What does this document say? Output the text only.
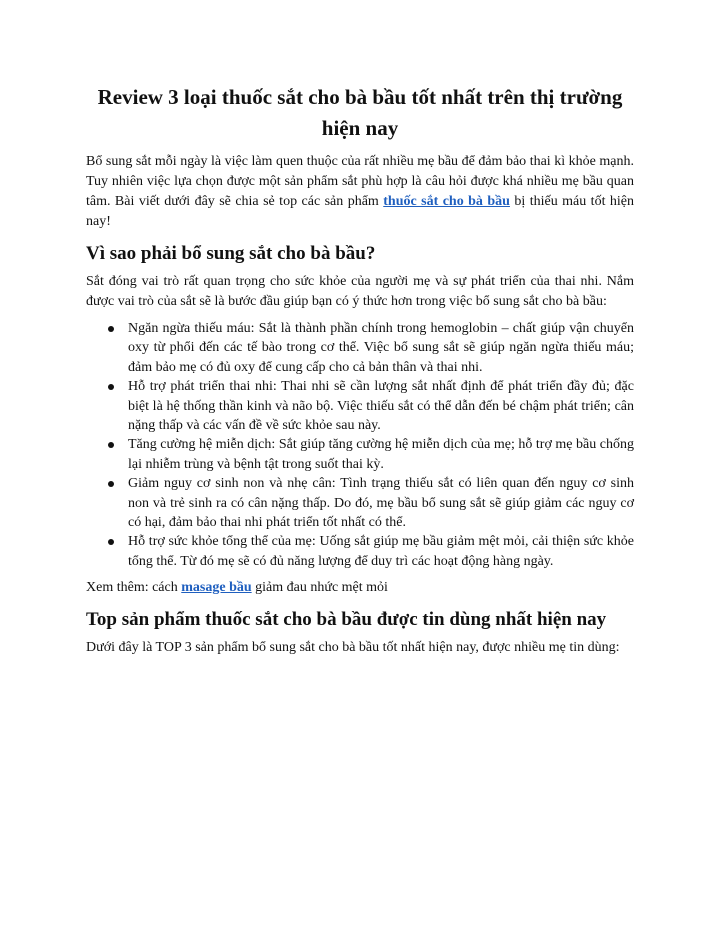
Review 3 loại thuốc sắt cho bà bầu tốt nhất trên thị trường hiện nay

Bổ sung sắt mỗi ngày là việc làm quen thuộc của rất nhiều mẹ bầu để đảm bảo thai kì khỏe mạnh. Tuy nhiên việc lựa chọn được một sản phẩm sắt phù hợp là câu hỏi được khá nhiều mẹ bầu quan tâm. Bài viết dưới đây sẽ chia sẻ top các sản phẩm thuốc sắt cho bà bầu bị thiếu máu tốt hiện nay!

Vì sao phải bổ sung sắt cho bà bầu?

Sắt đóng vai trò rất quan trọng cho sức khỏe của người mẹ và sự phát triển của thai nhi. Nắm được vai trò của sắt sẽ là bước đầu giúp bạn có ý thức hơn trong việc bổ sung sắt cho bà bầu:

Ngăn ngừa thiếu máu: Sắt là thành phần chính trong hemoglobin – chất giúp vận chuyển oxy từ phổi đến các tế bào trong cơ thể. Việc bổ sung sắt sẽ giúp ngăn ngừa thiếu máu; đảm bảo mẹ có đủ oxy để cung cấp cho cả bản thân và thai nhi.
Hỗ trợ phát triển thai nhi: Thai nhi sẽ cần lượng sắt nhất định để phát triển đầy đủ; đặc biệt là hệ thống thần kinh và não bộ. Việc thiếu sắt có thể dẫn đến bé chậm phát triển; cân nặng thấp và các vấn đề về sức khỏe sau này.
Tăng cường hệ miễn dịch: Sắt giúp tăng cường hệ miễn dịch của mẹ; hỗ trợ mẹ bầu chống lại nhiễm trùng và bệnh tật trong suốt thai kỳ.
Giảm nguy cơ sinh non và nhẹ cân: Tình trạng thiếu sắt có liên quan đến nguy cơ sinh non và trẻ sinh ra có cân nặng thấp. Do đó, mẹ bầu bổ sung sắt sẽ giúp giảm các nguy cơ có hại, đảm bảo thai nhi phát triển tốt nhất có thể.
Hỗ trợ sức khỏe tổng thể của mẹ: Uống sắt giúp mẹ bầu giảm mệt mỏi, cải thiện sức khỏe tổng thể. Từ đó mẹ sẽ có đủ năng lượng để duy trì các hoạt động hàng ngày.

Xem thêm: cách masage bầu giảm đau nhức mệt mỏi

Top sản phẩm thuốc sắt cho bà bầu được tin dùng nhất hiện nay

Dưới đây là TOP 3 sản phẩm bổ sung sắt cho bà bầu tốt nhất hiện nay, được nhiều mẹ tin dùng:
